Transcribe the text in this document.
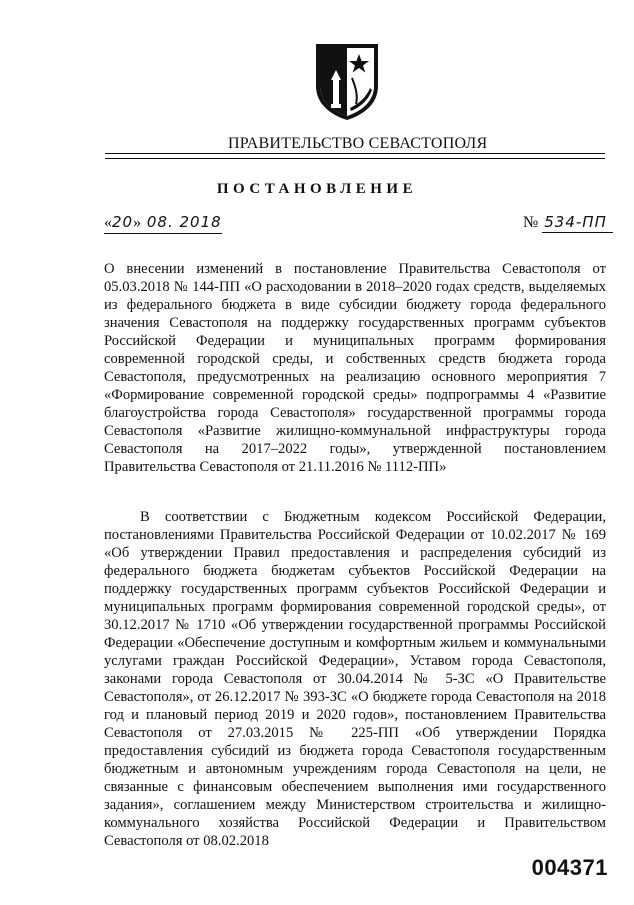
ПРАВИТЕЛЬСТВО СЕВАСТОПОЛЯ
ПОСТАНОВЛЕНИЕ
«20» 08. 2018	№ 534-ПП
О внесении изменений в постановление Правительства Севастополя от 05.03.2018 № 144-ПП «О расходовании в 2018–2020 годах средств, выделяемых из федерального бюджета в виде субсидии бюджету города федерального значения Севастополя на поддержку государственных программ субъектов Российской Федерации и муниципальных программ формирования современной городской среды, и собственных средств бюджета города Севастополя, предусмотренных на реализацию основного мероприятия 7 «Формирование современной городской среды» подпрограммы 4 «Развитие благоустройства города Севастополя» государственной программы города Севастополя «Развитие жилищно-коммунальной инфраструктуры города Севастополя на 2017–2022 годы», утвержденной постановлением Правительства Севастополя от 21.11.2016 № 1112-ПП»
В соответствии с Бюджетным кодексом Российской Федерации, постановлениями Правительства Российской Федерации от 10.02.2017 № 169 «Об утверждении Правил предоставления и распределения субсидий из федерального бюджета бюджетам субъектов Российской Федерации на поддержку государственных программ субъектов Российской Федерации и муниципальных программ формирования современной городской среды», от 30.12.2017 № 1710 «Об утверждении государственной программы Российской Федерации «Обеспечение доступным и комфортным жильем и коммунальными услугами граждан Российской Федерации», Уставом города Севастополя, законами города Севастополя от 30.04.2014 № 5-ЗС «О Правительстве Севастополя», от 26.12.2017 № 393-ЗС «О бюджете города Севастополя на 2018 год и плановый период 2019 и 2020 годов», постановлением Правительства Севастополя от 27.03.2015 № 225-ПП «Об утверждении Порядка предоставления субсидий из бюджета города Севастополя государственным бюджетным и автономным учреждениям города Севастополя на цели, не связанные с финансовым обеспечением выполнения ими государственного задания», соглашением между Министерством строительства и жилищно-коммунального хозяйства Российской Федерации и Правительством Севастополя от 08.02.2018
004371
